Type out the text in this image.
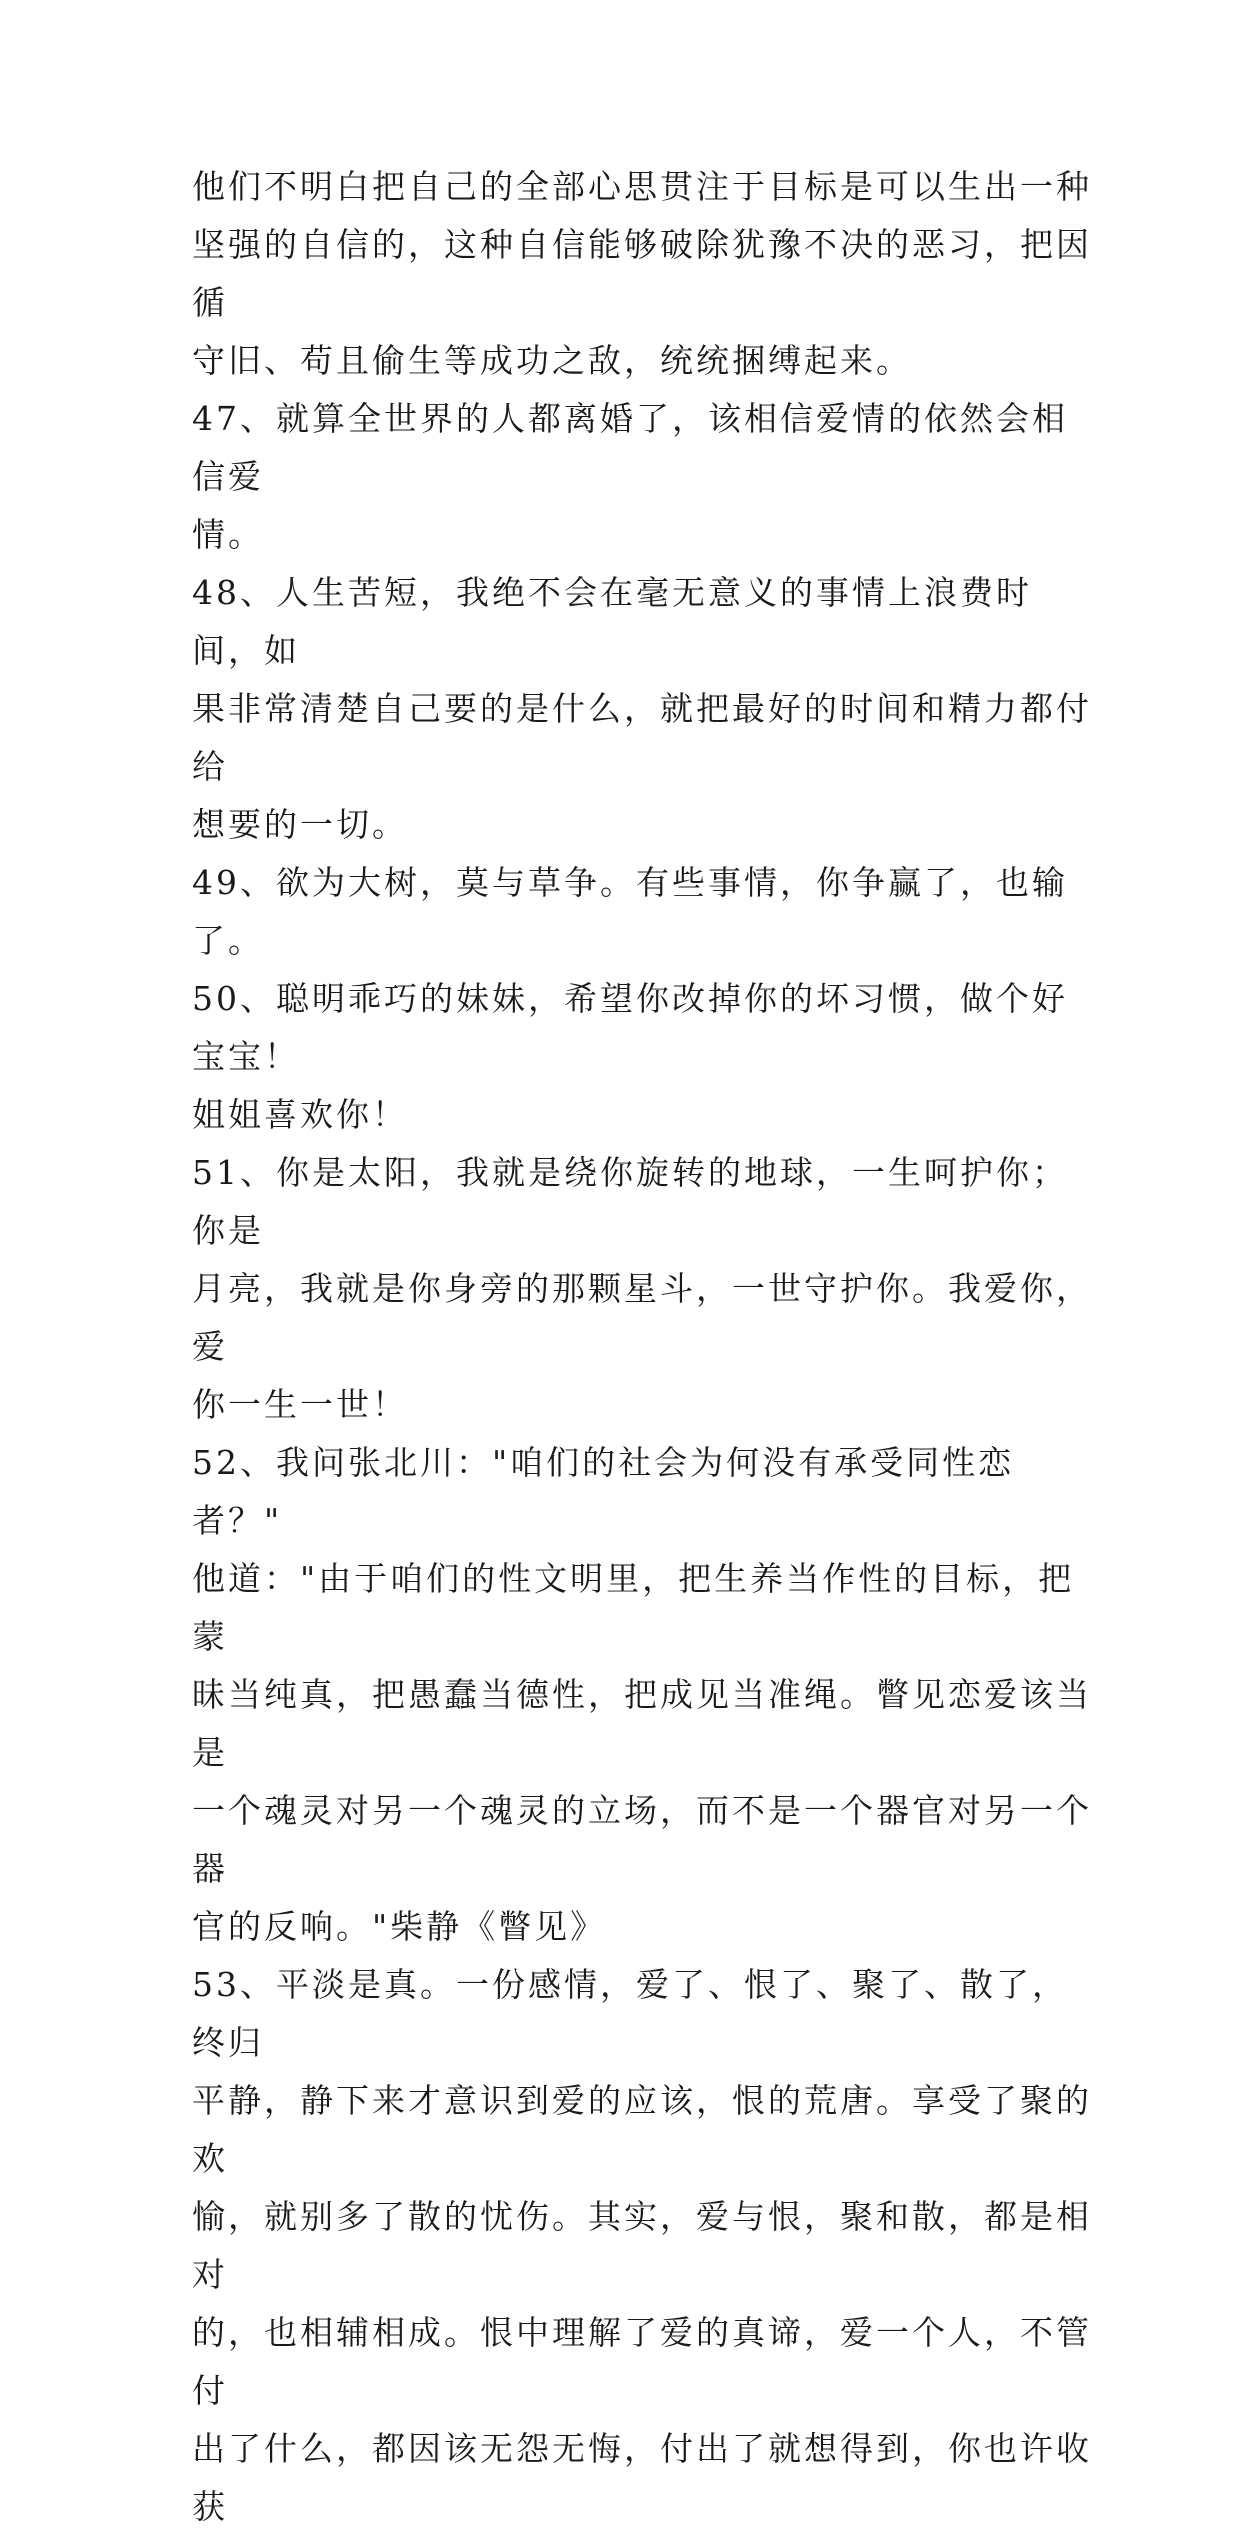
他们不明白把自己的全部心思贯注于目标是可以生出一种
坚强的自信的，这种自信能够破除犹豫不决的恶习，把因循
守旧、苟且偷生等成功之敌，统统捆缚起来。

47、就算全世界的人都离婚了，该相信爱情的依然会相信爱
情。

48、人生苦短，我绝不会在毫无意义的事情上浪费时间，如
果非常清楚自己要的是什么，就把最好的时间和精力都付给
想要的一切。

49、欲为大树，莫与草争。有些事情，你争赢了，也输了。

50、聪明乖巧的妹妹，希望你改掉你的坏习惯，做个好宝宝！
姐姐喜欢你！

51、你是太阳，我就是绕你旋转的地球，一生呵护你；你是
月亮，我就是你身旁的那颗星斗，一世守护你。我爱你，爱
你一生一世！

52、我问张北川："咱们的社会为何没有承受同性恋者？"
他道："由于咱们的性文明里，把生养当作性的目标，把蒙
昧当纯真，把愚蠢当德性，把成见当准绳。瞥见恋爱该当是
一个魂灵对另一个魂灵的立场，而不是一个器官对另一个器
官的反响。"柴静《瞥见》

53、平淡是真。一份感情，爱了、恨了、聚了、散了，终归
平静，静下来才意识到爱的应该，恨的荒唐。享受了聚的欢
愉，就别多了散的忧伤。其实，爱与恨，聚和散，都是相对
的，也相辅相成。恨中理解了爱的真谛，爱一个人，不管付
出了什么，都因该无怨无悔，付出了就想得到，你也许收获
